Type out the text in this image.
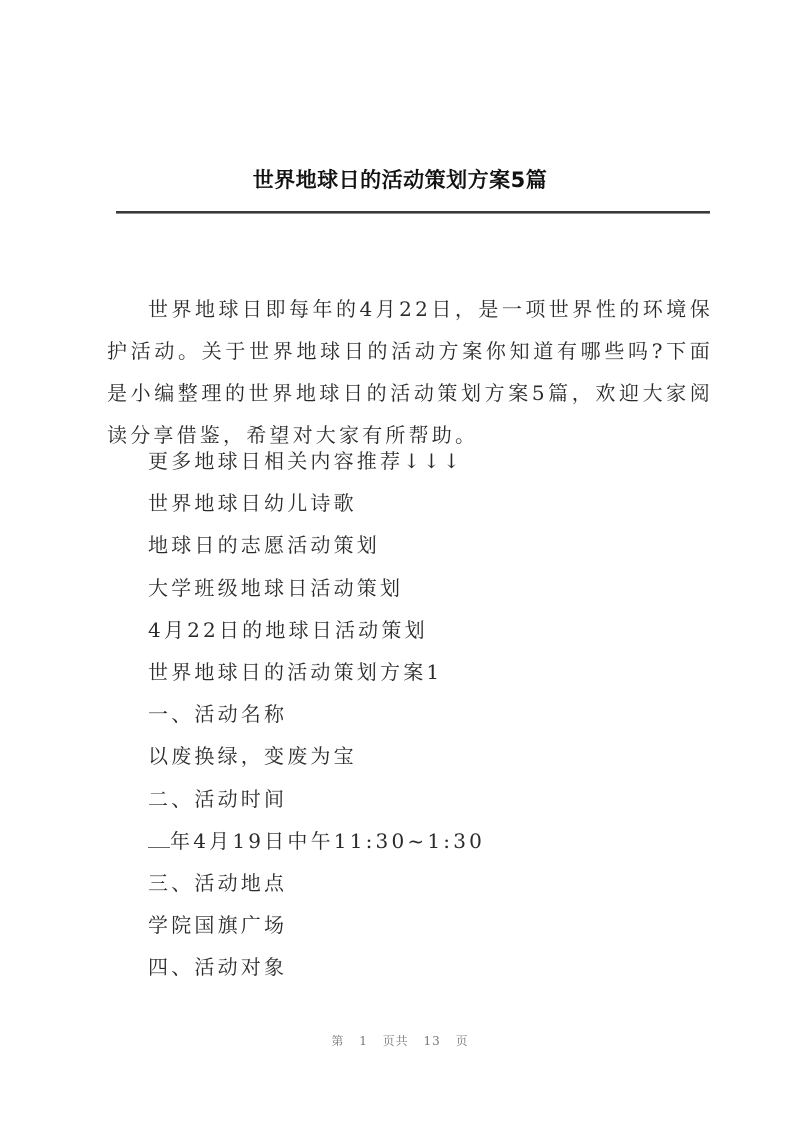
世界地球日的活动策划方案5篇

世界地球日即每年的4月22日，是一项世界性的环境保护活动。关于世界地球日的活动方案你知道有哪些吗?下面是小编整理的世界地球日的活动策划方案5篇，欢迎大家阅读分享借鉴，希望对大家有所帮助。

更多地球日相关内容推荐↓↓↓
世界地球日幼儿诗歌
地球日的志愿活动策划
大学班级地球日活动策划
4月22日的地球日活动策划
世界地球日的活动策划方案1
一、活动名称
以废换绿，变废为宝
二、活动时间
年4月19日中午11:30~1:30
三、活动地点
学院国旗广场
四、活动对象
第 1 页共 13 页
